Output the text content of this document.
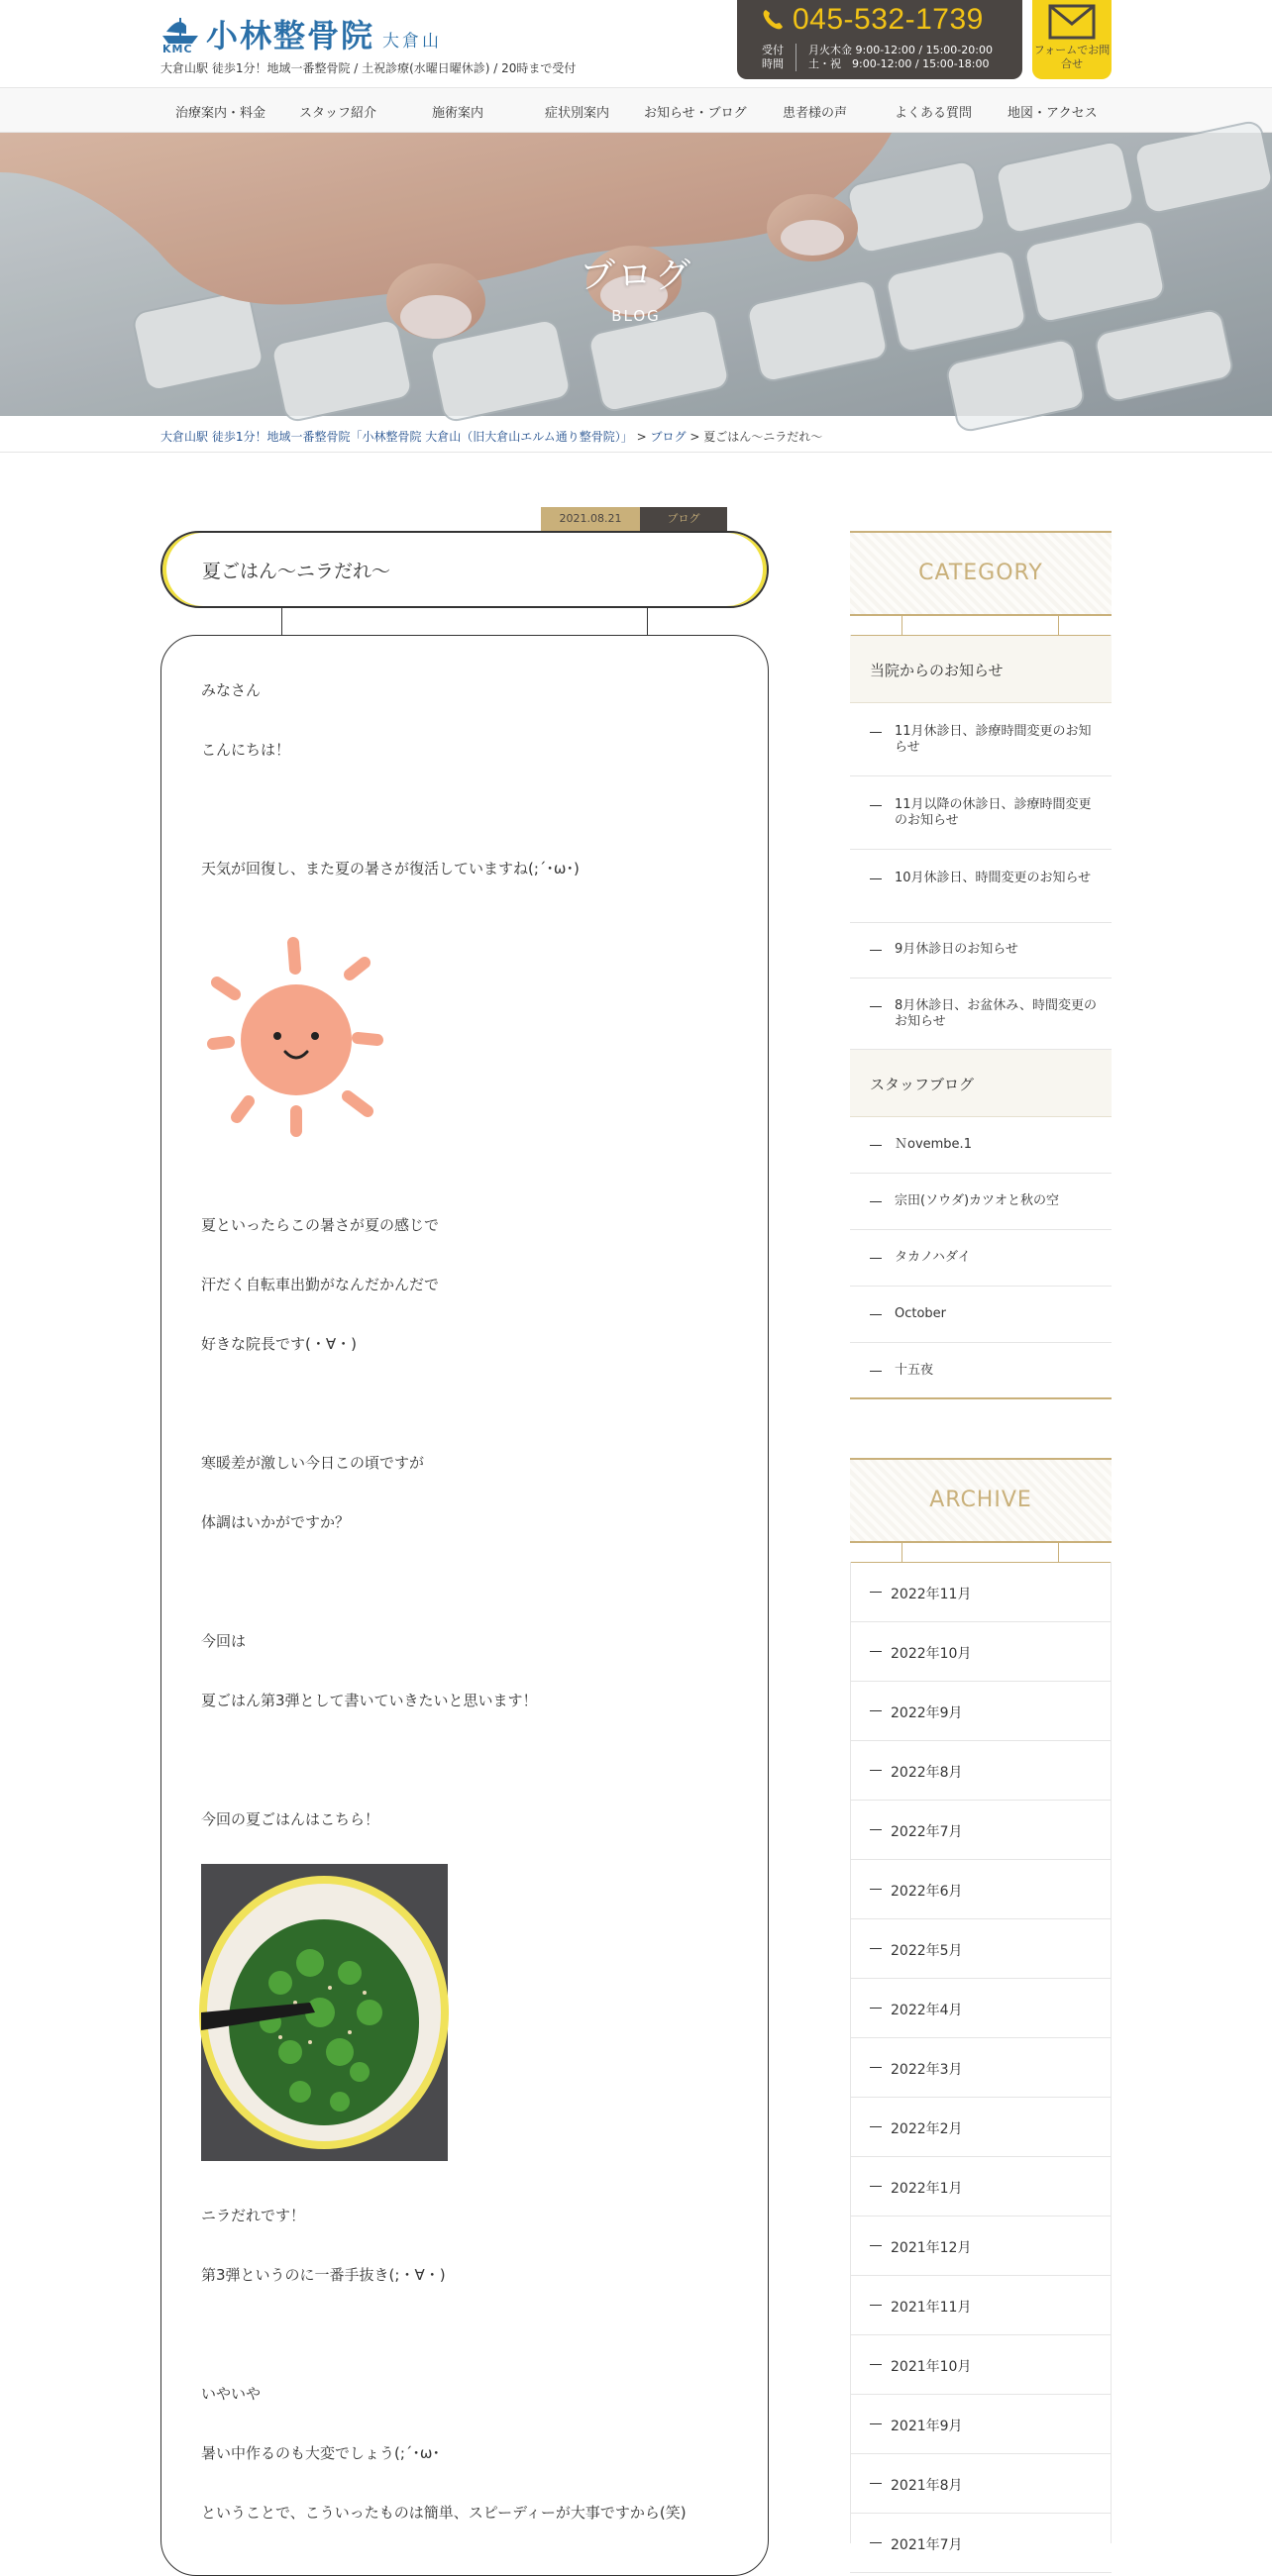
KMC 小林整骨院 大倉山
大倉山駅 徒歩1分！地域一番整骨院 / 土祝診療(水曜日曜休診) / 20時まで受付
045-532-1739
受付時間
月火木金 9:00-12:00 / 15:00-20:00
土・祝　9:00-12:00 / 15:00-18:00
フォームでお問合せ
治療案内・料金	スタッフ紹介	施術案内	症状別案内	お知らせ・ブログ	患者様の声	よくある質問	地図・アクセス
ブログ
BLOG
大倉山駅 徒歩1分！地域一番整骨院「小林整骨院 大倉山（旧大倉山エルム通り整骨院）」 > ブログ > 夏ごはん～ニラだれ～
2021.08.21	ブログ
夏ごはん～ニラだれ～
みなさん
こんにちは！
天気が回復し、また夏の暑さが復活していますね(;´･ω･)
夏といったらこの暑さが夏の感じで
汗だく自転車出勤がなんだかんだで
好きな院長です(・∀・)
寒暖差が激しい今日この頃ですが
体調はいかがですか？
今回は
夏ごはん第3弾として書いていきたいと思います！
今回の夏ごはんはこちら！
ニラだれです！
第3弾というのに一番手抜き(;・∀・)
いやいや
暑い中作るのも大変でしょう(;´･ω･
ということで、こういったものは簡単、スピーディーが大事ですから(笑)
CATEGORY
当院からのお知らせ
11月休診日、診療時間変更のお知らせ
11月以降の休診日、診療時間変更のお知らせ
10月休診日、時間変更のお知らせ
9月休診日のお知らせ
8月休診日、お盆休み、時間変更のお知らせ
スタッフブログ
Ｎovembe.1
宗田(ソウダ)カツオと秋の空
タカノハダイ
October
十五夜
ARCHIVE
2022年11月
2022年10月
2022年9月
2022年8月
2022年7月
2022年6月
2022年5月
2022年4月
2022年3月
2022年2月
2022年1月
2021年12月
2021年11月
2021年10月
2021年9月
2021年8月
2021年7月
